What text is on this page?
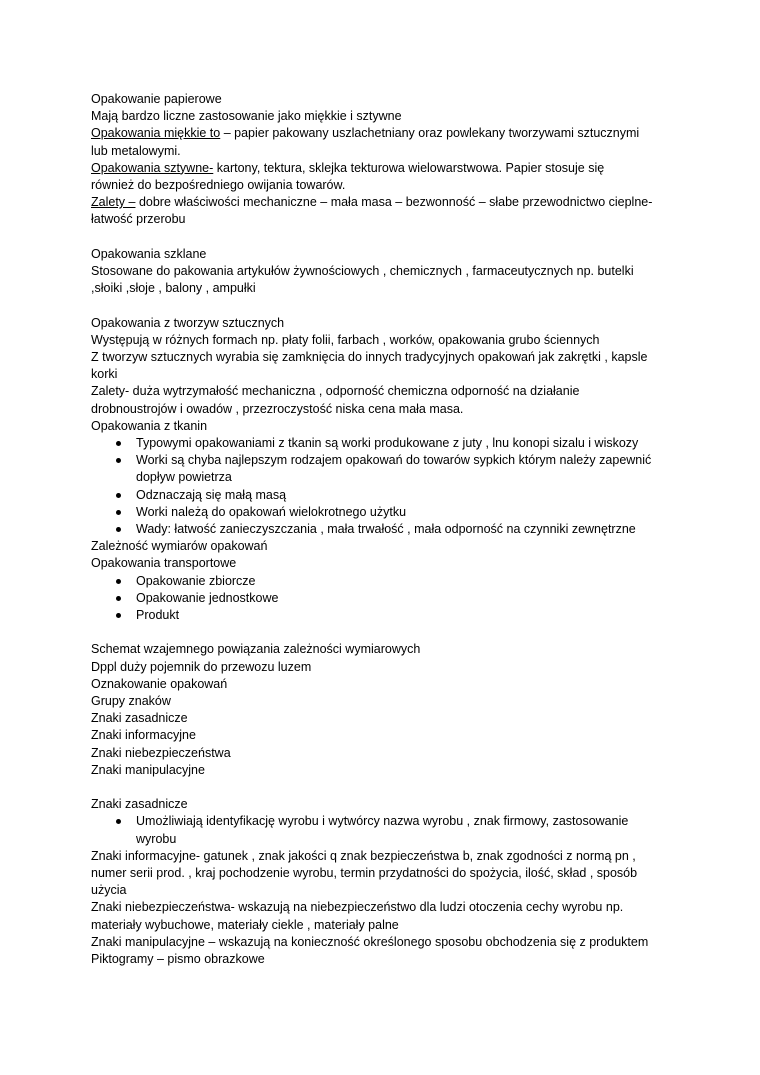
Opakowanie papierowe
Mają bardzo liczne zastosowanie jako miękkie i sztywne
Opakowania miękkie to – papier pakowany uszlachetniany oraz powlekany tworzywami sztucznymi
lub metalowymi.
Opakowania sztywne- kartony, tektura, sklejka tekturowa wielowarstwowa. Papier stosuje się
również do bezpośredniego owijania towarów.
Zalety – dobre właściwości mechaniczne – mała masa – bezwonność – słabe przewodnictwo cieplne-
łatwość przerobu
Opakowania szklane
Stosowane do pakowania artykułów żywnościowych , chemicznych , farmaceutycznych np. butelki
,słoiki ,słoje , balony , ampułki
Opakowania z tworzyw sztucznych
Występują w różnych formach np. płaty folii, farbach , worków, opakowania grubo ściennych
Z tworzyw sztucznych wyrabia się zamknięcia do innych tradycyjnych opakowań jak zakrętki , kapsle
korki
Zalety- duża wytrzymałość mechaniczna , odporność chemiczna odporność na działanie
drobnoustrojów i owadów , przezroczystość niska cena mała masa.
Opakowania z tkanin
Typowymi opakowaniami z tkanin są worki produkowane z juty , lnu konopi sizalu i wiskozy
Worki są chyba najlepszym rodzajem opakowań do towarów sypkich którym należy zapewnić
dopływ powietrza
Odznaczają się małą masą
Worki należą do opakowań wielokrotnego użytku
Wady: łatwość zanieczyszczania , mała trwałość , mała odporność na czynniki zewnętrzne
Zależność wymiarów opakowań
Opakowania transportowe
Opakowanie zbiorcze
Opakowanie jednostkowe
Produkt
Schemat wzajemnego powiązania zależności wymiarowych
Dppl duży pojemnik do przewozu luzem
Oznakowanie opakowań
Grupy znaków
Znaki zasadnicze
Znaki informacyjne
Znaki niebezpieczeństwa
Znaki manipulacyjne
Znaki zasadnicze
Umożliwiają identyfikację wyrobu i wytwórcy nazwa wyrobu , znak firmowy, zastosowanie
wyrobu
Znaki informacyjne- gatunek , znak jakości q znak bezpieczeństwa b, znak zgodności z normą pn ,
numer serii prod. , kraj pochodzenie wyrobu, termin przydatności do spożycia, ilość, skład , sposób
użycia
Znaki niebezpieczeństwa- wskazują na niebezpieczeństwo dla ludzi otoczenia cechy wyrobu np.
materiały wybuchowe, materiały ciekle , materiały palne
Znaki manipulacyjne – wskazują na konieczność określonego sposobu obchodzenia się z produktem
Piktogramy – pismo obrazkowe
